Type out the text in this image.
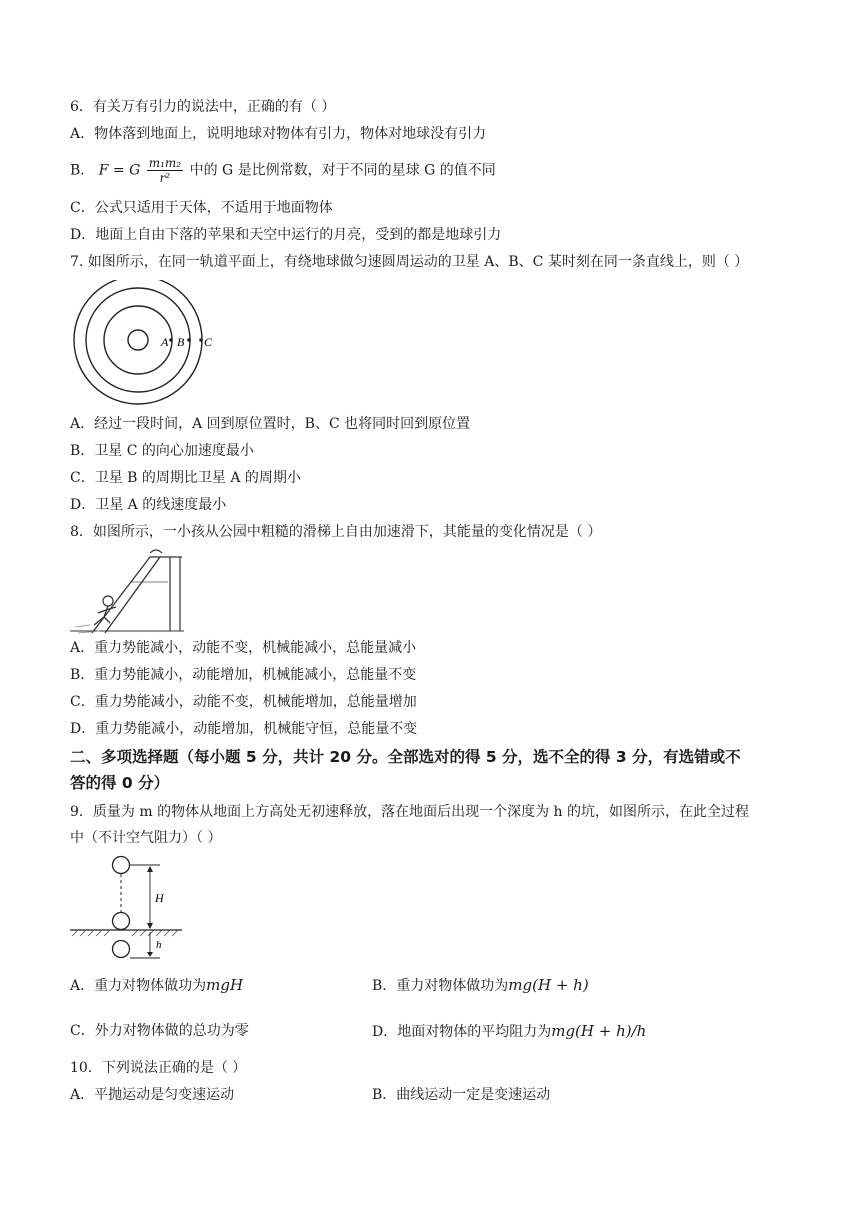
6．有关万有引力的说法中，正确的有（ ）
A．物体落到地面上，说明地球对物体有引力，物体对地球没有引力
B． F = G $\frac{\text{m₁m₂}}{\text{r²}}$ 中的 G 是比例常数，对于不同的星球 G 的值不同
C．公式只适用于天体，不适用于地面物体
D．地面上自由下落的苹果和天空中运行的月亮，受到的都是地球引力
7. 如图所示，在同一轨道平面上，有绕地球做匀速圆周运动的卫星 A、B、C 某时刻在同一条直线上，则（ ）
A B C
A．经过一段时间，A 回到原位置时，B、C 也将同时回到原位置
B．卫星 C 的向心加速度最小
C．卫星 B 的周期比卫星 A 的周期小
D．卫星 A 的线速度最小
8．如图所示，一小孩从公园中粗糙的滑梯上自由加速滑下，其能量的变化情况是（ ）
A．重力势能减小，动能不变，机械能减小，总能量减小
B．重力势能减小，动能增加，机械能减小，总能量不变
C．重力势能减小，动能不变，机械能增加，总能量增加
D．重力势能减小，动能增加，机械能守恒，总能量不变
二、多项选择题（每小题 5 分，共计 20 分。全部选对的得 5 分，选不全的得 3 分，有选错或不
答的得 0 分）
9．质量为 m 的物体从地面上方高处无初速释放，落在地面后出现一个深度为 h 的坑，如图所示，在此全过程
中（不计空气阻力）（ ）
H
h
A．重力对物体做功为mgH	B．重力对物体做功为mg(H + h)
C．外力对物体做的总功为零	D．地面对物体的平均阻力为mg(H + h)/h
10．下列说法正确的是（ ）
A．平抛运动是匀变速运动	B．曲线运动一定是变速运动
